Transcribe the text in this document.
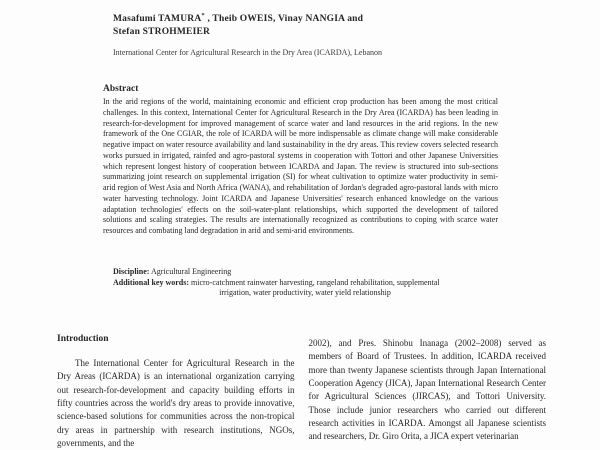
Masafumi TAMURA* , Theib OWEIS, Vinay NANGIA and
Stefan STROHMEIER
International Center for Agricultural Research in the Dry Area (ICARDA), Lebanon
Abstract

In the arid regions of the world, maintaining economic and efficient crop production has been among the most critical challenges. In this context, International Center for Agricultural Research in the Dry Area (ICARDA) has been leading in research-for-development for improved management of scarce water and land resources in the arid regions. In the new framework of the One CGIAR, the role of ICARDA will be more indispensable as climate change will make considerable negative impact on water resource availability and land sustainability in the dry areas. This review covers selected research works pursued in irrigated, rainfed and agro-pastoral systems in cooperation with Tottori and other Japanese Universities which represent longest history of cooperation between ICARDA and Japan. The review is structured into sub-sections summarizing joint research on supplemental irrigation (SI) for wheat cultivation to optimize water productivity in semi-arid region of West Asia and North Africa (WANA), and rehabilitation of Jordan's degraded agro-pastoral lands with micro water harvesting technology. Joint ICARDA and Japanese Universities' research enhanced knowledge on the various adaptation technologies' effects on the soil-water-plant relationships, which supported the development of tailored solutions and scaling strategies. The results are internationally recognized as contributions to coping with scarce water resources and combating land degradation in arid and semi-arid environments.

Discipline: Agricultural Engineering
Additional key words: micro-catchment rainwater harvesting, rangeland rehabilitation, supplemental
irrigation, water productivity, water yield relationship
Introduction

The International Center for Agricultural Research in the Dry Areas (ICARDA) is an international organization carrying out research-for-development and capacity building efforts in fifty countries across the world's dry areas to provide innovative, science-based solutions for communities across the non-tropical dry areas in partnership with research institutions, NGOs, governments, and the

2002), and Pres. Shinobu Inanaga (2002–2008) served as members of Board of Trustees. In addition, ICARDA received more than twenty Japanese scientists through Japan International Cooperation Agency (JICA), Japan International Research Center for Agricultural Sciences (JIRCAS), and Tottori University. Those include junior researchers who carried out different research activities in ICARDA. Amongst all Japanese scientists and researchers, Dr. Giro Orita, a JICA expert veterinarian
